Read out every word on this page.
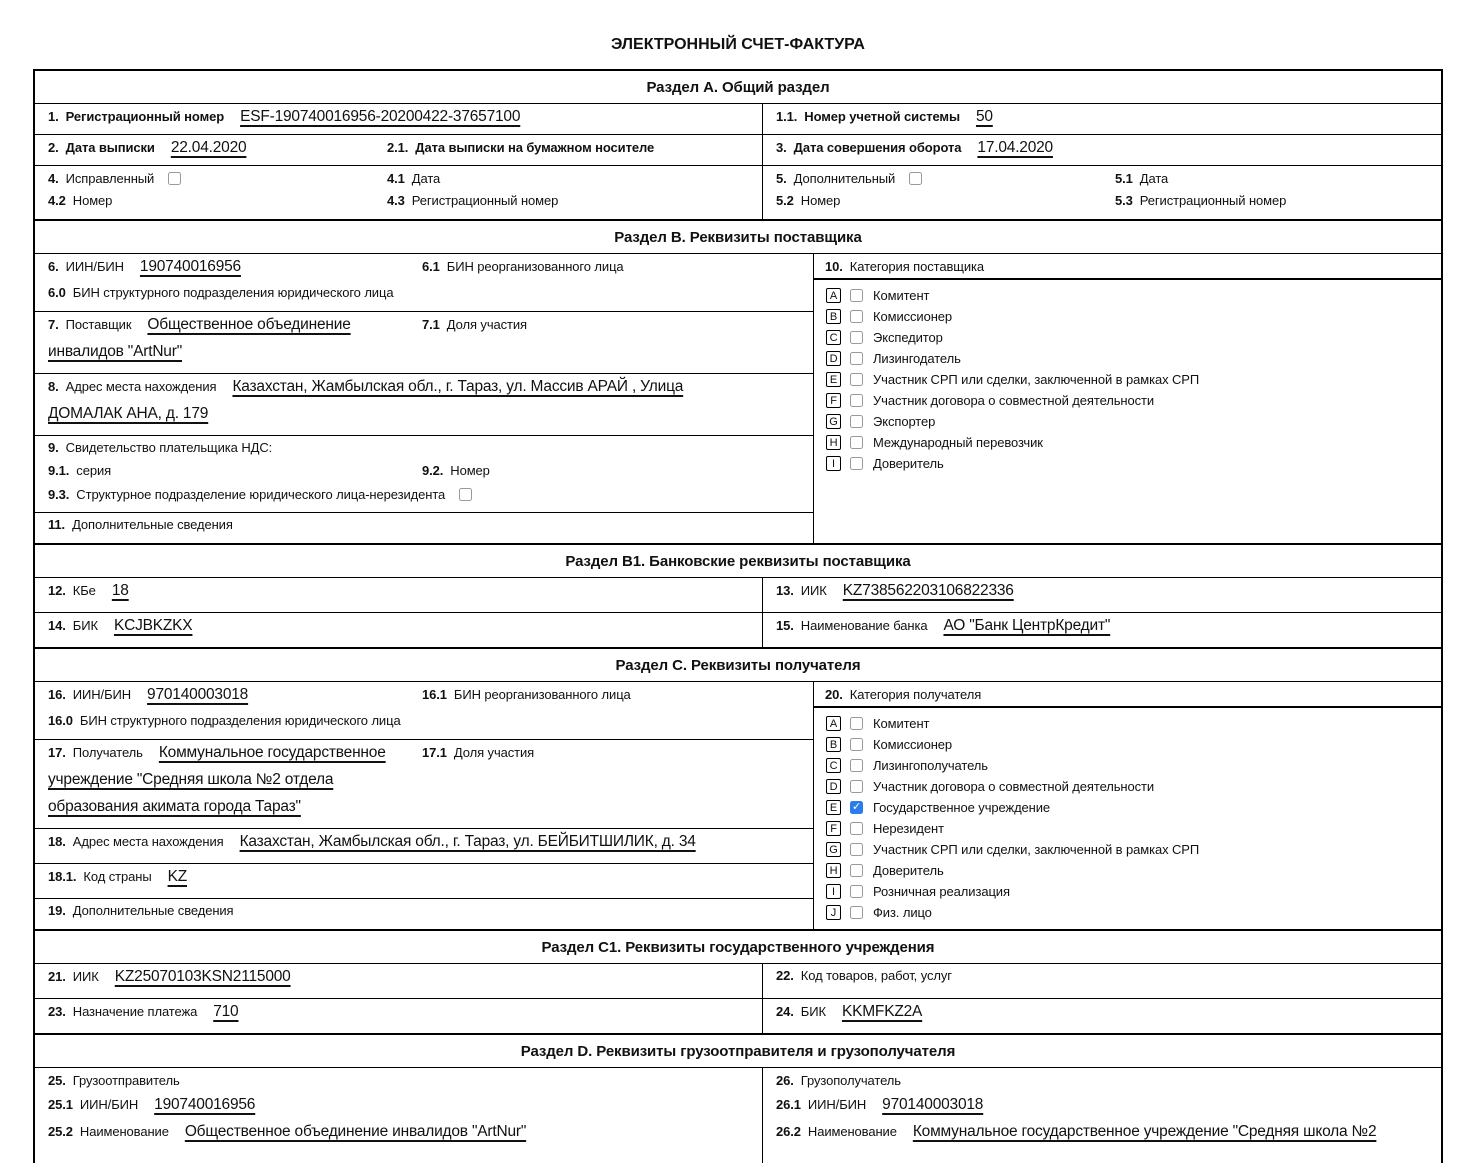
ЭЛЕКТРОННЫЙ СЧЕТ-ФАКТУРА
Раздел A. Общий раздел
1. Регистрационный номер ESF-190740016956-20200422-37657100	1.1. Номер учетной системы 50
2. Дата выписки 22.04.2020	2.1. Дата выписки на бумажном носителе	3. Дата совершения оборота 17.04.2020
4. Исправленный	4.1 Дата
4.2 Номер	4.3 Регистрационный номер
5. Дополнительный	5.1 Дата
5.2 Номер	5.3 Регистрационный номер
Раздел B. Реквизиты поставщика
6. ИИН/БИН 190740016956	6.1 БИН реорганизованного лица
6.0 БИН структурного подразделения юридического лица
7. Поставщик Общественное объединение	7.1 Доля участия
инвалидов "ArtNur"
8. Адрес места нахождения Казахстан, Жамбылская обл., г. Тараз, ул. Массив АРАЙ , Улица
ДОМАЛАК АНА, д. 179
9. Свидетельство плательщика НДС:
9.1. серия	9.2. Номер
9.3. Структурное подразделение юридического лица-нерезидента
11. Дополнительные сведения
10. Категория поставщика
A	Комитент
B	Комиссионер
C	Экспедитор
D	Лизингодатель
E	Участник СРП или сделки, заключенной в рамках СРП
F	Участник договора о совместной деятельности
G	Экспортер
H	Международный перевозчик
I	Доверитель
Раздел B1. Банковские реквизиты поставщика
12. КБе 18	13. ИИК KZ738562203106822336
14. БИК KCJBKZKX	15. Наименование банка АО "Банк ЦентрКредит"
Раздел C. Реквизиты получателя
16. ИИН/БИН 970140003018	16.1 БИН реорганизованного лица
16.0 БИН структурного подразделения юридического лица
17. Получатель Коммунальное государственное	17.1 Доля участия
учреждение "Средняя школа №2 отдела
образования акимата города Тараз"
18. Адрес места нахождения Казахстан, Жамбылская обл., г. Тараз, ул. БЕЙБИТШИЛИК, д. 34
18.1. Код страны KZ
19. Дополнительные сведения
20. Категория получателя
A	Комитент
B	Комиссионер
C	Лизингополучатель
D	Участник договора о совместной деятельности
E ✓	Государственное учреждение
F	Нерезидент
G	Участник СРП или сделки, заключенной в рамках СРП
H	Доверитель
I	Розничная реализация
J	Физ. лицо
Раздел C1. Реквизиты государственного учреждения
21. ИИК KZ25070103KSN2115000	22. Код товаров, работ, услуг
23. Назначение платежа 710	24. БИК KKMFKZ2A
Раздел D. Реквизиты грузоотправителя и грузополучателя
25. Грузоотправитель
25.1 ИИН/БИН 190740016956
25.2 Наименование Общественное объединение инвалидов "ArtNur"
26. Грузополучатель
26.1 ИИН/БИН 970140003018
26.2 Наименование Коммунальное государственное учреждение "Средняя школа №2
